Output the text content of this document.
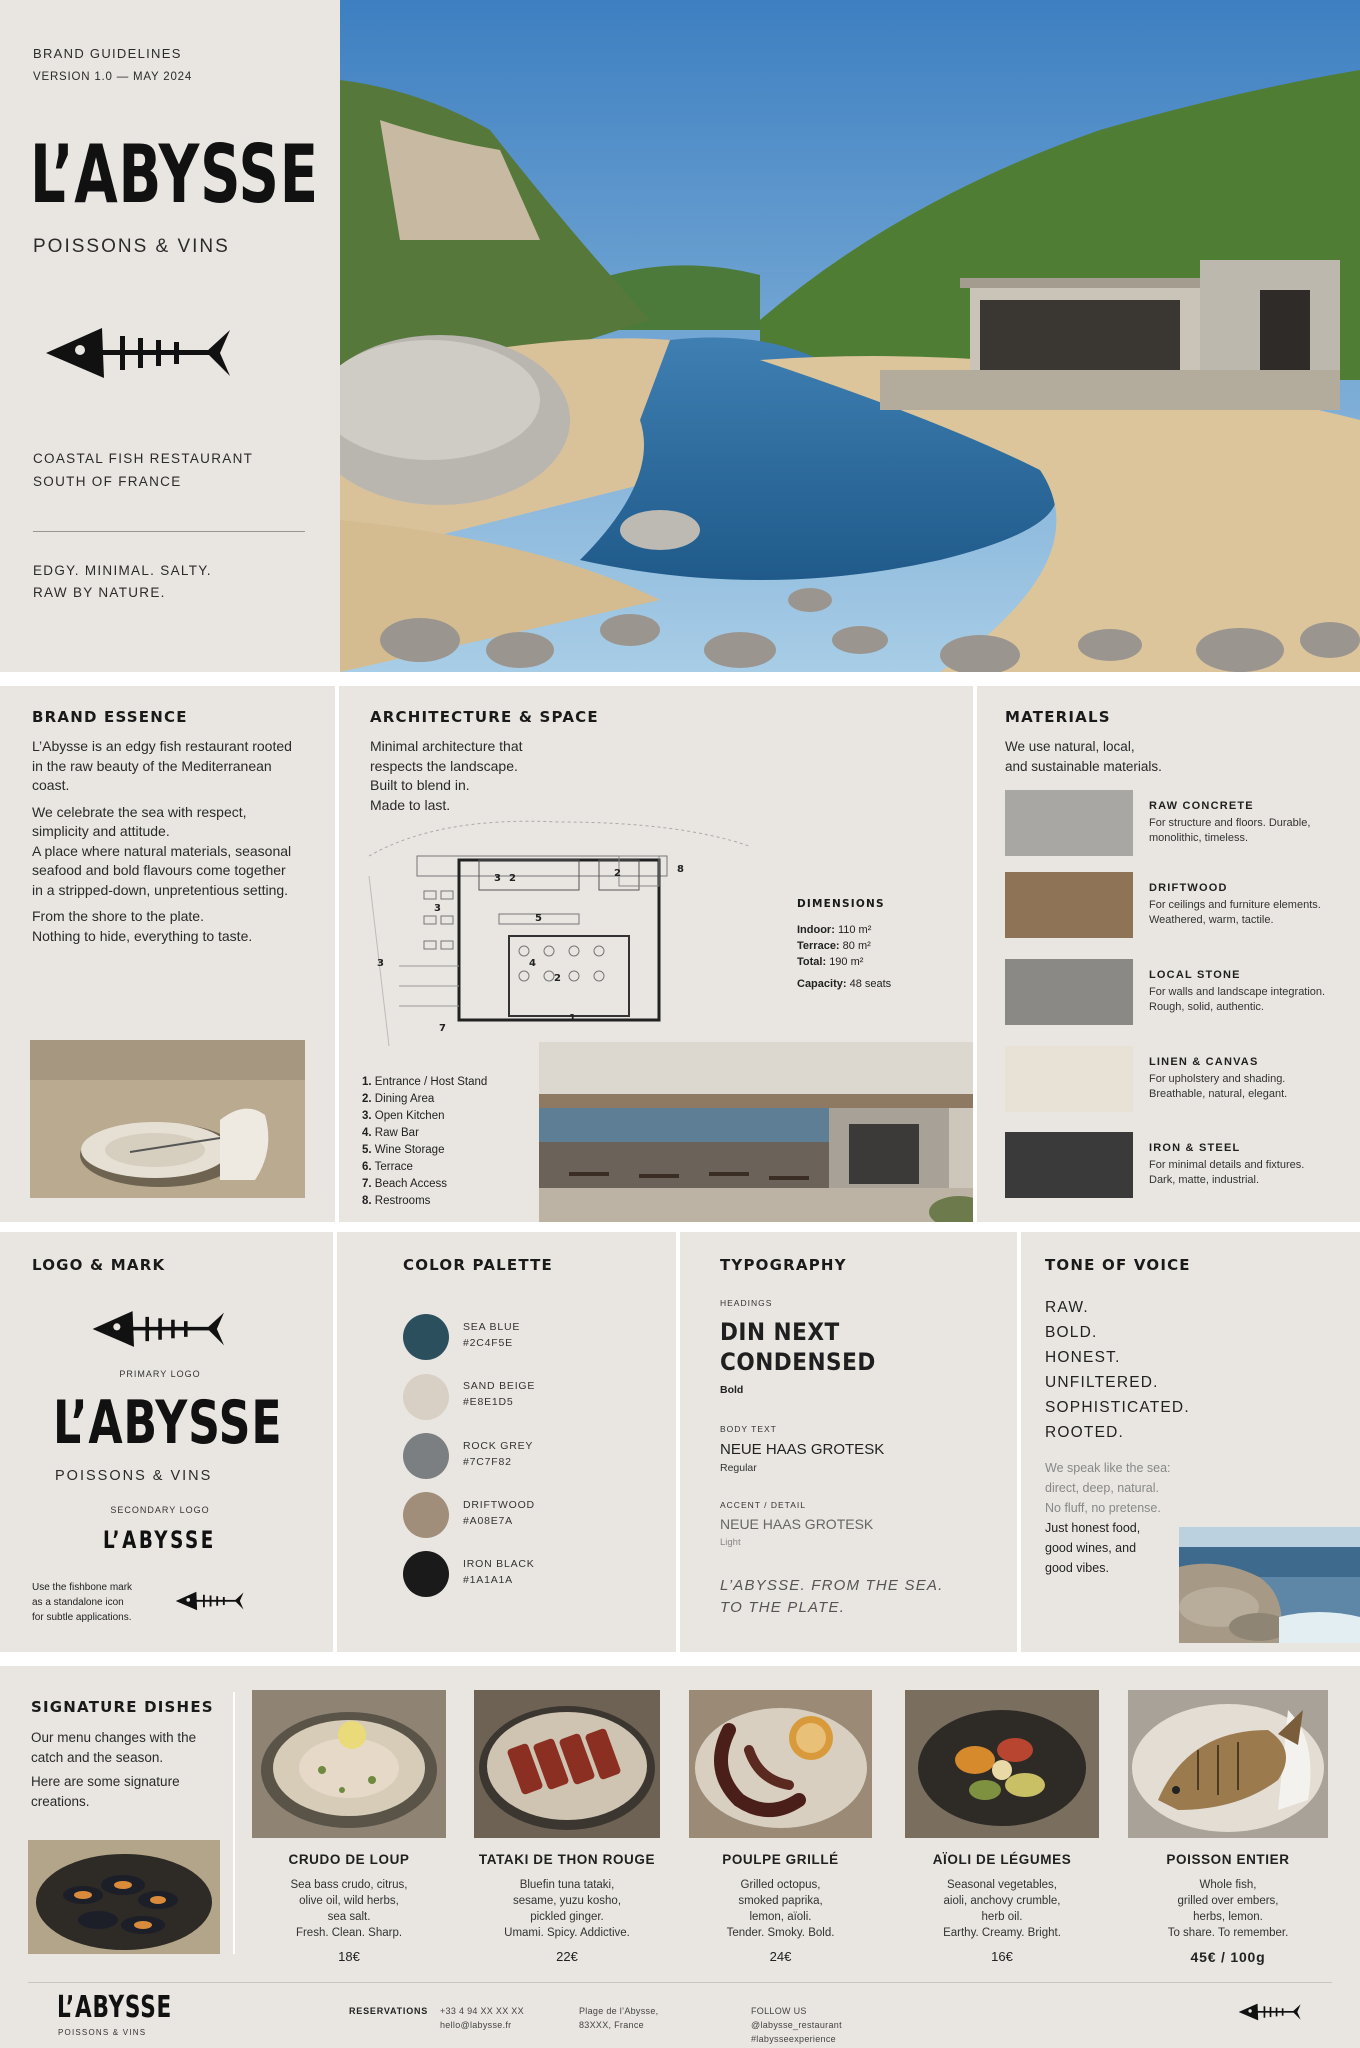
BRAND GUIDELINES
VERSION 1.0 — MAY 2024
L’ABYSSE
POISSONS & VINS
COASTAL FISH RESTAURANT
SOUTH OF FRANCE
EDGY. MINIMAL. SALTY.
RAW BY NATURE.
BRAND ESSENCE

L’Abysse is an edgy fish restaurant rooted in the raw beauty of the Mediterranean coast.

We celebrate the sea with respect, simplicity and attitude.

A place where natural materials, seasonal seafood and bold flavours come together in a stripped-down, unpretentious setting.

From the shore to the plate.

Nothing to hide, everything to taste.

ARCHITECTURE & SPACE
Minimal architecture that
respects the landscape.
Built to blend in.
Made to last.
3 2
5
2	8
3
3
7
1
2
4
DIMENSIONS
Indoor: 110 m²
Terrace: 80 m²
Total: 190 m²
Capacity: 48 seats
1. Entrance / Host Stand
2. Dining Area
3. Open Kitchen
4. Raw Bar
5. Wine Storage
6. Terrace
7. Beach Access
8. Restrooms
MATERIALS
We use natural, local,
and sustainable materials.
RAW CONCRETE
For structure and floors. Durable, monolithic, timeless.
DRIFTWOOD
For ceilings and furniture elements. Weathered, warm, tactile.
LOCAL STONE
For walls and landscape integration. Rough, solid, authentic.
LINEN & CANVAS
For upholstery and shading. Breathable, natural, elegant.
IRON & STEEL
For minimal details and fixtures. Dark, matte, industrial.
LOGO & MARK
PRIMARY LOGO
L’ABYSSE
POISSONS & VINS
SECONDARY LOGO
L’ABYSSE
Use the fishbone mark
as a standalone icon
for subtle applications.
COLOR PALETTE
SEA BLUE
#2C4F5E
SAND BEIGE
#E8E1D5
ROCK GREY
#7C7F82
DRIFTWOOD
#A08E7A
IRON BLACK
#1A1A1A
TYPOGRAPHY
HEADINGS
DIN NEXT
CONDENSED
Bold
BODY TEXT
NEUE HAAS GROTESK
Regular
ACCENT / DETAIL
NEUE HAAS GROTESK
Light
L’ABYSSE. FROM THE SEA.
TO THE PLATE.
TONE OF VOICE
RAW.
BOLD.
HONEST.
UNFILTERED.
SOPHISTICATED.
ROOTED.
We speak like the sea:
direct, deep, natural.
No fluff, no pretense.
Just honest food,
good wines, and
good vibes.
SIGNATURE DISHES

Our menu changes with the catch and the season.

Here are some signature creations.

CRUDO DE LOUP
Sea bass crudo, citrus,
olive oil, wild herbs,
sea salt.
Fresh. Clean. Sharp.
18€
TATAKI DE THON ROUGE
Bluefin tuna tataki,
sesame, yuzu kosho,
pickled ginger.
Umami. Spicy. Addictive.
22€
POULPE GRILLÉ
Grilled octopus,
smoked paprika,
lemon, aïoli.
Tender. Smoky. Bold.
24€
AÏOLI DE LÉGUMES
Seasonal vegetables,
aioli, anchovy crumble,
herb oil.
Earthy. Creamy. Bright.
16€
POISSON ENTIER
Whole fish,
grilled over embers,
herbs, lemon.
To share. To remember.
45€ / 100g
L’ABYSSE
POISSONS & VINS
RESERVATIONS +33 4 94 XX XX XX
hello@labysse.fr
Plage de l’Abysse,
83XXX, France
FOLLOW US
@labysse_restaurant
#labysseexperience
